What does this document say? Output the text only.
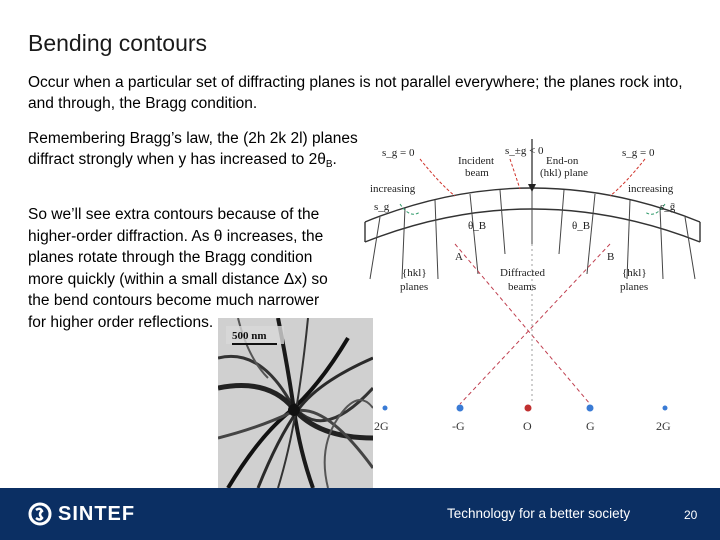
Bending contours
Occur when a particular set of diffracting planes is not parallel everywhere; the planes rock into, and through, the Bragg condition.
Remembering Bragg’s law, the (2h 2k 2l) planes diffract strongly when y has increased to $2\theta_B$.
So we’ll see extra contours because of the higher-order diffraction. As θ increases, the planes rotate through the Bragg condition more quickly (within a small distance Δx) so the bend contours become much narrower for higher order reflections.
500 nm
s_g = 0	s_±g < 0	s_g = 0
Incident
beam
End-on
(hkl) plane
increasing
s_g
increasing
s_ḡ
θ_B	θ_B
A	B
{hkl}
planes
{hkl}
planes
Diffracted
beams
2G	-G	O	G	2G
SINTEF	Technology for a better society	20
